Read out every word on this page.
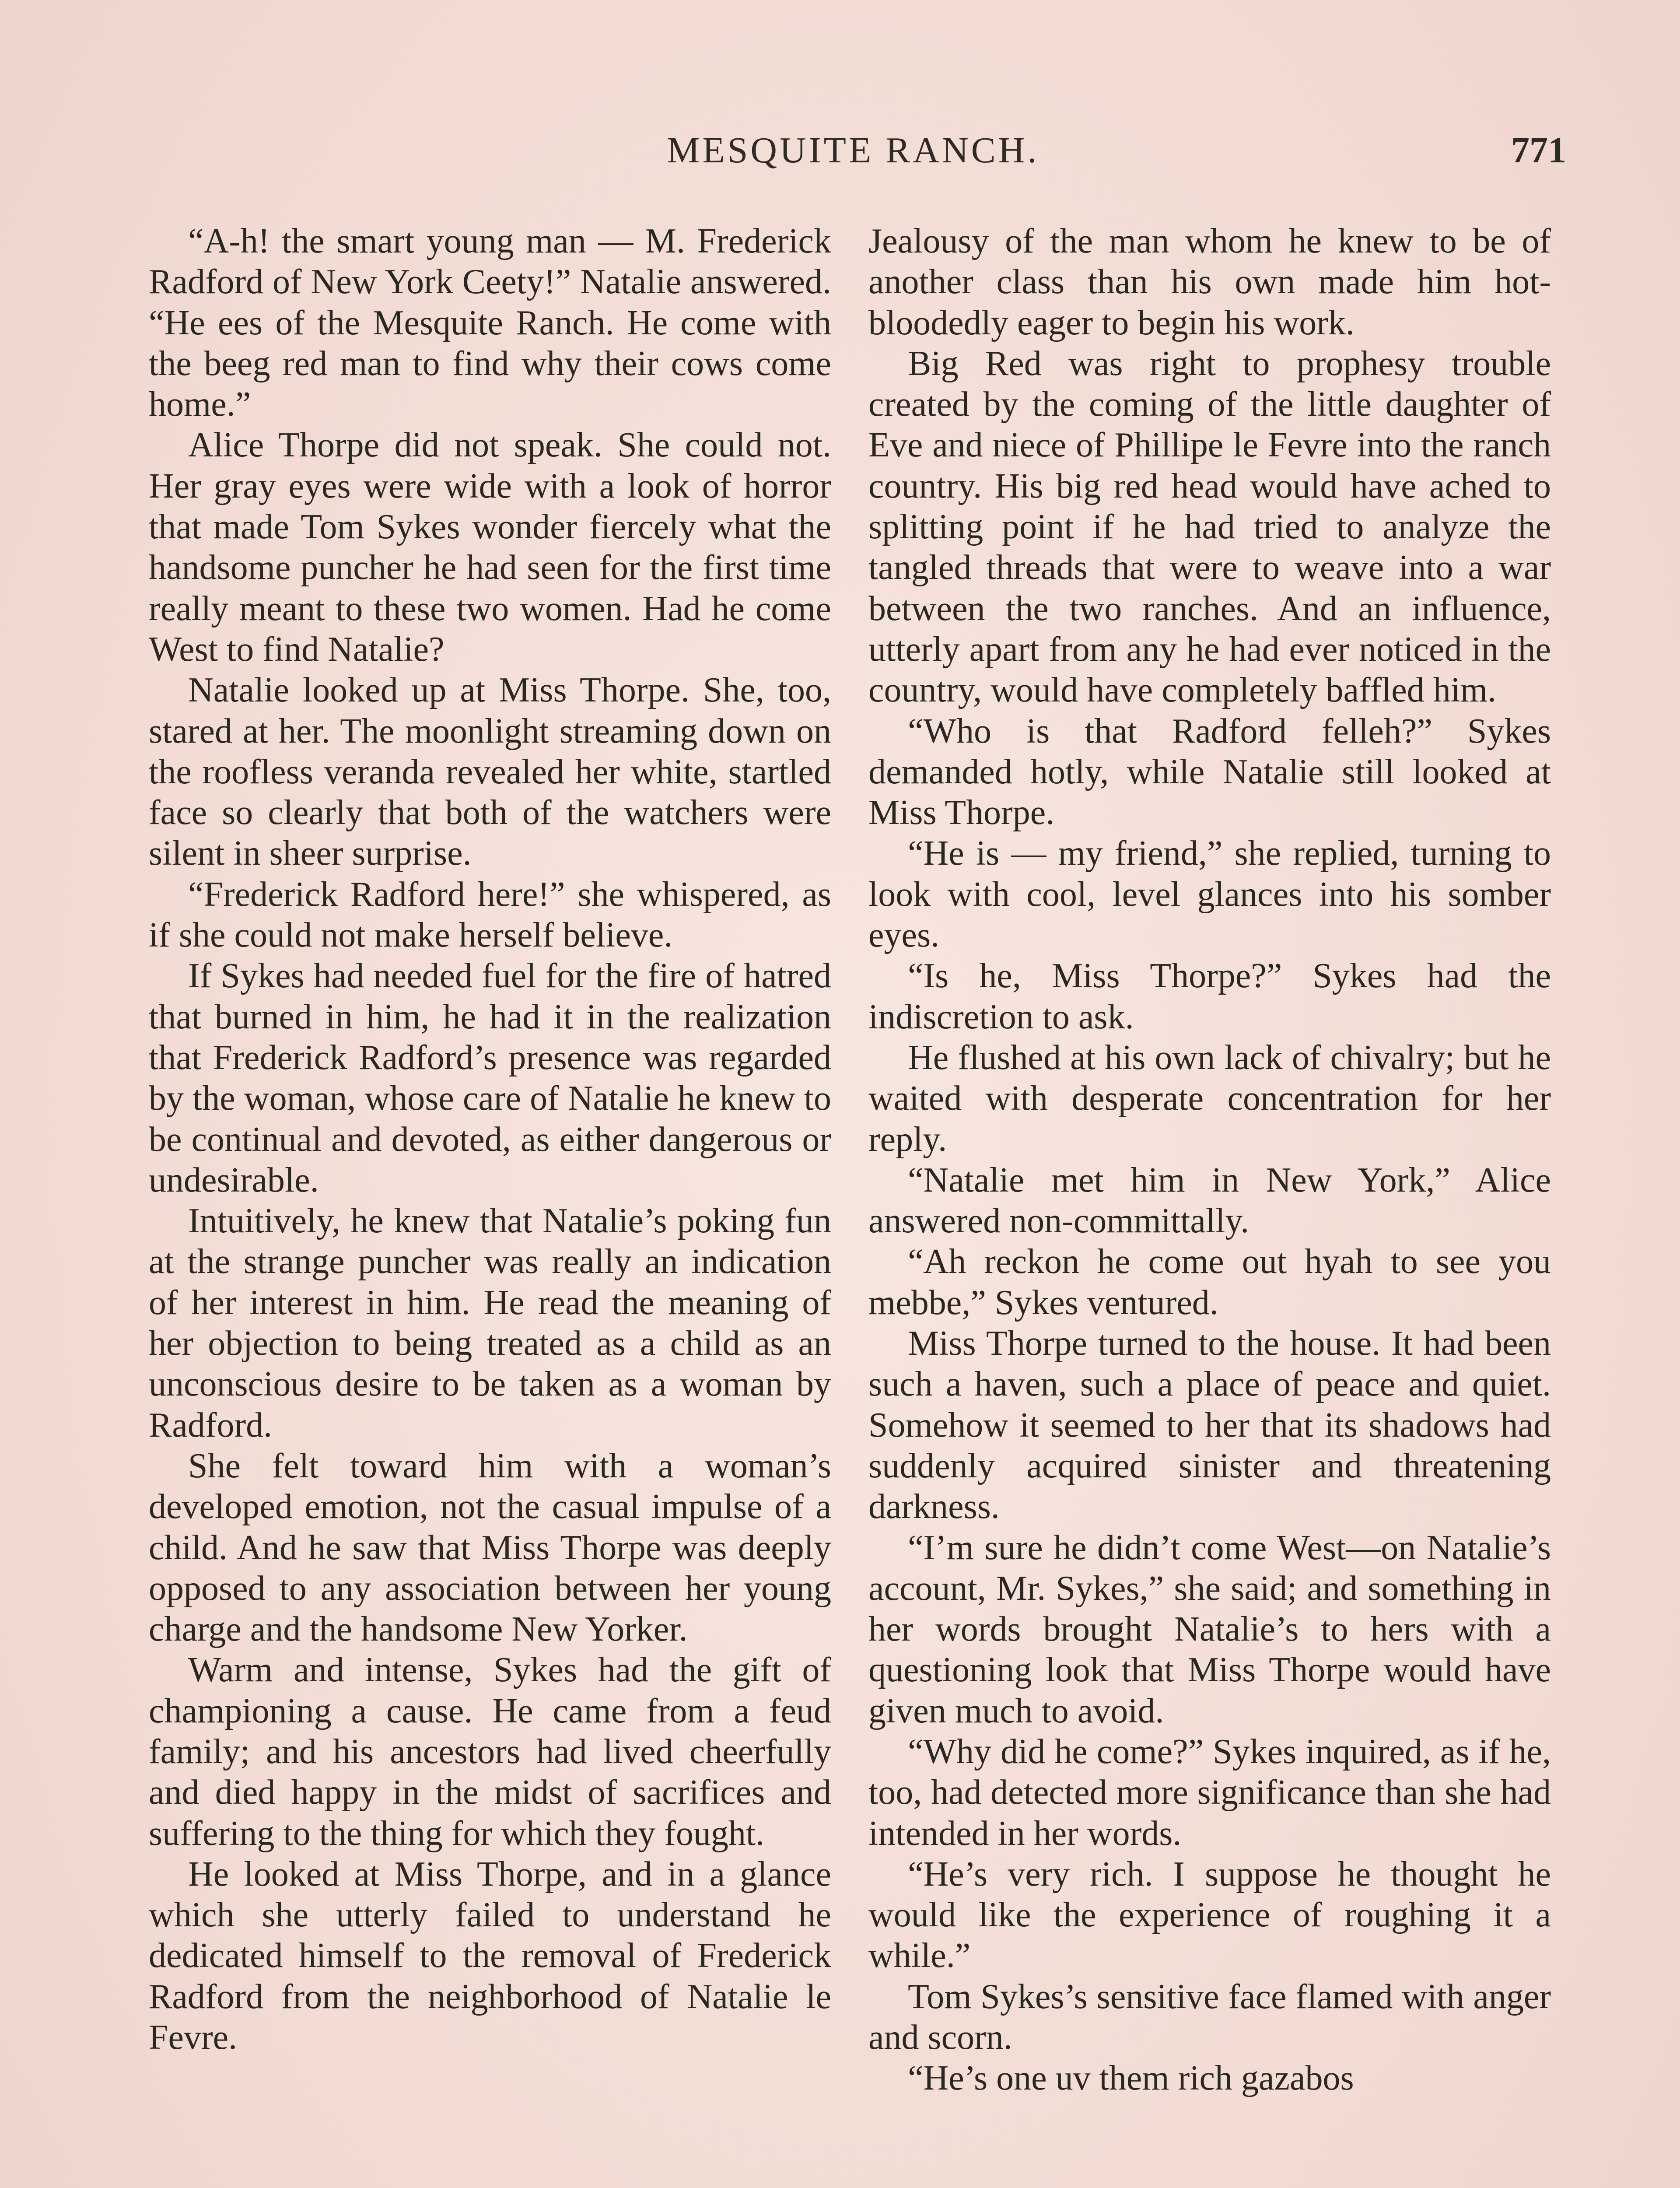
MESQUITE RANCH.	771

“A-h! the smart young man — M. Frederick Radford of New York Ceety!” Natalie answered. “He ees of the Mesquite Ranch. He come with the beeg red man to find why their cows come home.”

Alice Thorpe did not speak. She could not. Her gray eyes were wide with a look of horror that made Tom Sykes wonder fiercely what the handsome puncher he had seen for the first time really meant to these two women. Had he come West to find Natalie?

Natalie looked up at Miss Thorpe. She, too, stared at her. The moonlight streaming down on the roofless veranda revealed her white, startled face so clearly that both of the watchers were silent in sheer surprise.

“Frederick Radford here!” she whispered, as if she could not make herself believe.

If Sykes had needed fuel for the fire of hatred that burned in him, he had it in the realization that Frederick Radford’s presence was regarded by the woman, whose care of Natalie he knew to be continual and devoted, as either dangerous or undesirable.

Intuitively, he knew that Natalie’s poking fun at the strange puncher was really an indication of her interest in him. He read the meaning of her objection to being treated as a child as an unconscious desire to be taken as a woman by Radford.

She felt toward him with a woman’s developed emotion, not the casual impulse of a child. And he saw that Miss Thorpe was deeply opposed to any association between her young charge and the handsome New Yorker.

Warm and intense, Sykes had the gift of championing a cause. He came from a feud family; and his ancestors had lived cheerfully and died happy in the midst of sacrifices and suffering to the thing for which they fought.

He looked at Miss Thorpe, and in a glance which she utterly failed to understand he dedicated himself to the removal of Frederick Radford from the neighborhood of Natalie le Fevre.

Jealousy of the man whom he knew to be of another class than his own made him hot-bloodedly eager to begin his work.

Big Red was right to prophesy trouble created by the coming of the little daughter of Eve and niece of Phillipe le Fevre into the ranch country. His big red head would have ached to splitting point if he had tried to analyze the tangled threads that were to weave into a war between the two ranches. And an influence, utterly apart from any he had ever noticed in the country, would have completely baffled him.

“Who is that Radford felleh?” Sykes demanded hotly, while Natalie still looked at Miss Thorpe.

“He is — my friend,” she replied, turning to look with cool, level glances into his somber eyes.

“Is he, Miss Thorpe?” Sykes had the indiscretion to ask.

He flushed at his own lack of chivalry; but he waited with desperate concentration for her reply.

“Natalie met him in New York,” Alice answered non-committally.

“Ah reckon he come out hyah to see you mebbe,” Sykes ventured.

Miss Thorpe turned to the house. It had been such a haven, such a place of peace and quiet. Somehow it seemed to her that its shadows had suddenly acquired sinister and threatening darkness.

“I’m sure he didn’t come West—on Natalie’s account, Mr. Sykes,” she said; and something in her words brought Natalie’s to hers with a questioning look that Miss Thorpe would have given much to avoid.

“Why did he come?” Sykes inquired, as if he, too, had detected more significance than she had intended in her words.

“He’s very rich. I suppose he thought he would like the experience of roughing it a while.”

Tom Sykes’s sensitive face flamed with anger and scorn.

“He’s one uv them rich gazabos
